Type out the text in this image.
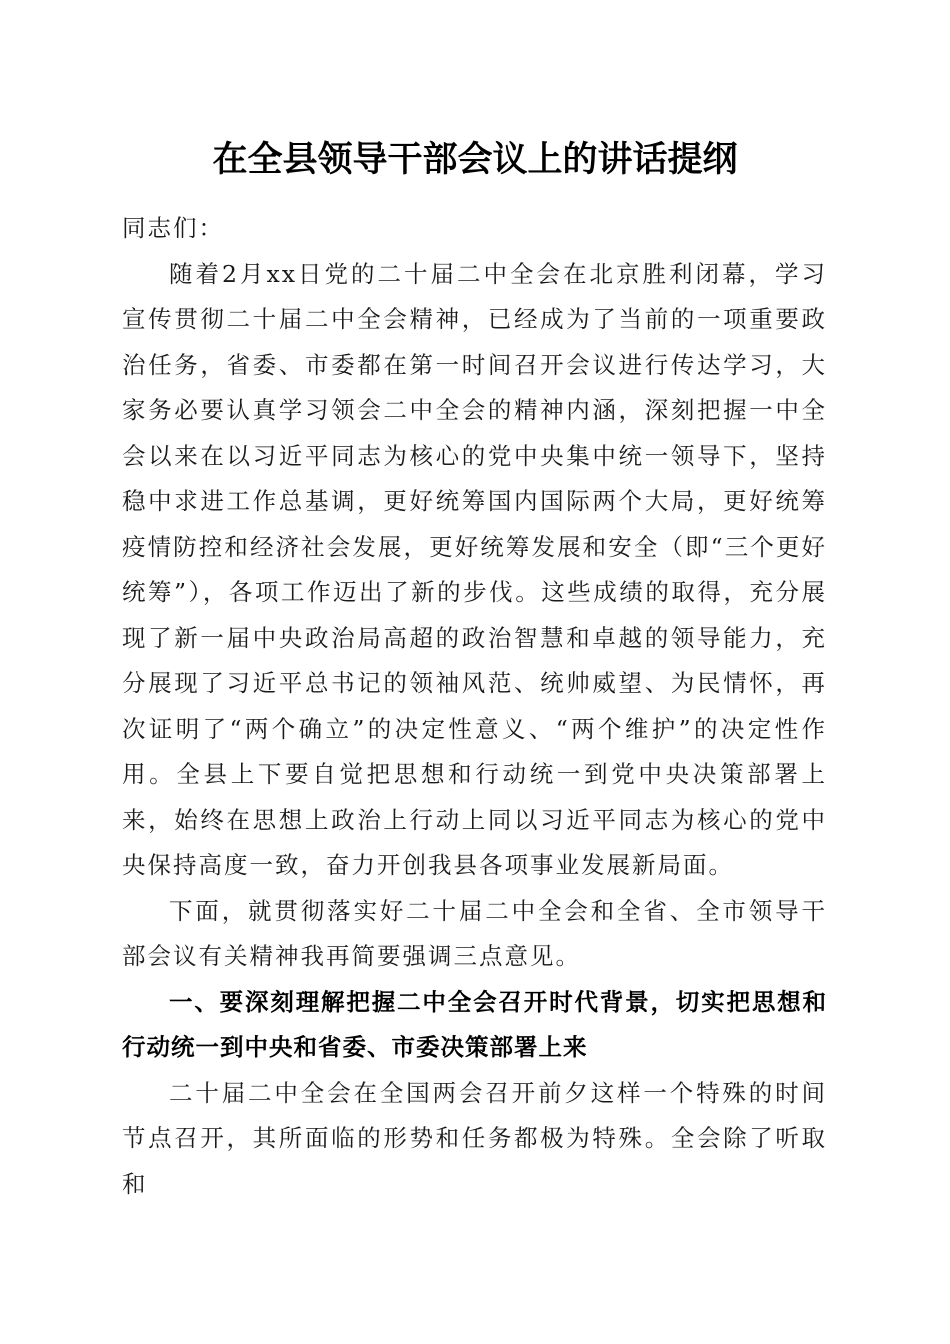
在全县领导干部会议上的讲话提纲

同志们：

随着2月xx日党的二十届二中全会在北京胜利闭幕，学习宣传贯彻二十届二中全会精神，已经成为了当前的一项重要政治任务，省委、市委都在第一时间召开会议进行传达学习，大家务必要认真学习领会二中全会的精神内涵，深刻把握一中全会以来在以习近平同志为核心的党中央集中统一领导下，坚持稳中求进工作总基调，更好统筹国内国际两个大局，更好统筹疫情防控和经济社会发展，更好统筹发展和安全（即“三个更好统筹”），各项工作迈出了新的步伐。这些成绩的取得，充分展现了新一届中央政治局高超的政治智慧和卓越的领导能力，充分展现了习近平总书记的领袖风范、统帅威望、为民情怀，再次证明了“两个确立”的决定性意义、“两个维护”的决定性作用。全县上下要自觉把思想和行动统一到党中央决策部署上来，始终在思想上政治上行动上同以习近平同志为核心的党中央保持高度一致，奋力开创我县各项事业发展新局面。

下面，就贯彻落实好二十届二中全会和全省、全市领导干部会议有关精神我再简要强调三点意见。

一、要深刻理解把握二中全会召开时代背景，切实把思想和行动统一到中央和省委、市委决策部署上来

二十届二中全会在全国两会召开前夕这样一个特殊的时间节点召开，其所面临的形势和任务都极为特殊。全会除了听取和
